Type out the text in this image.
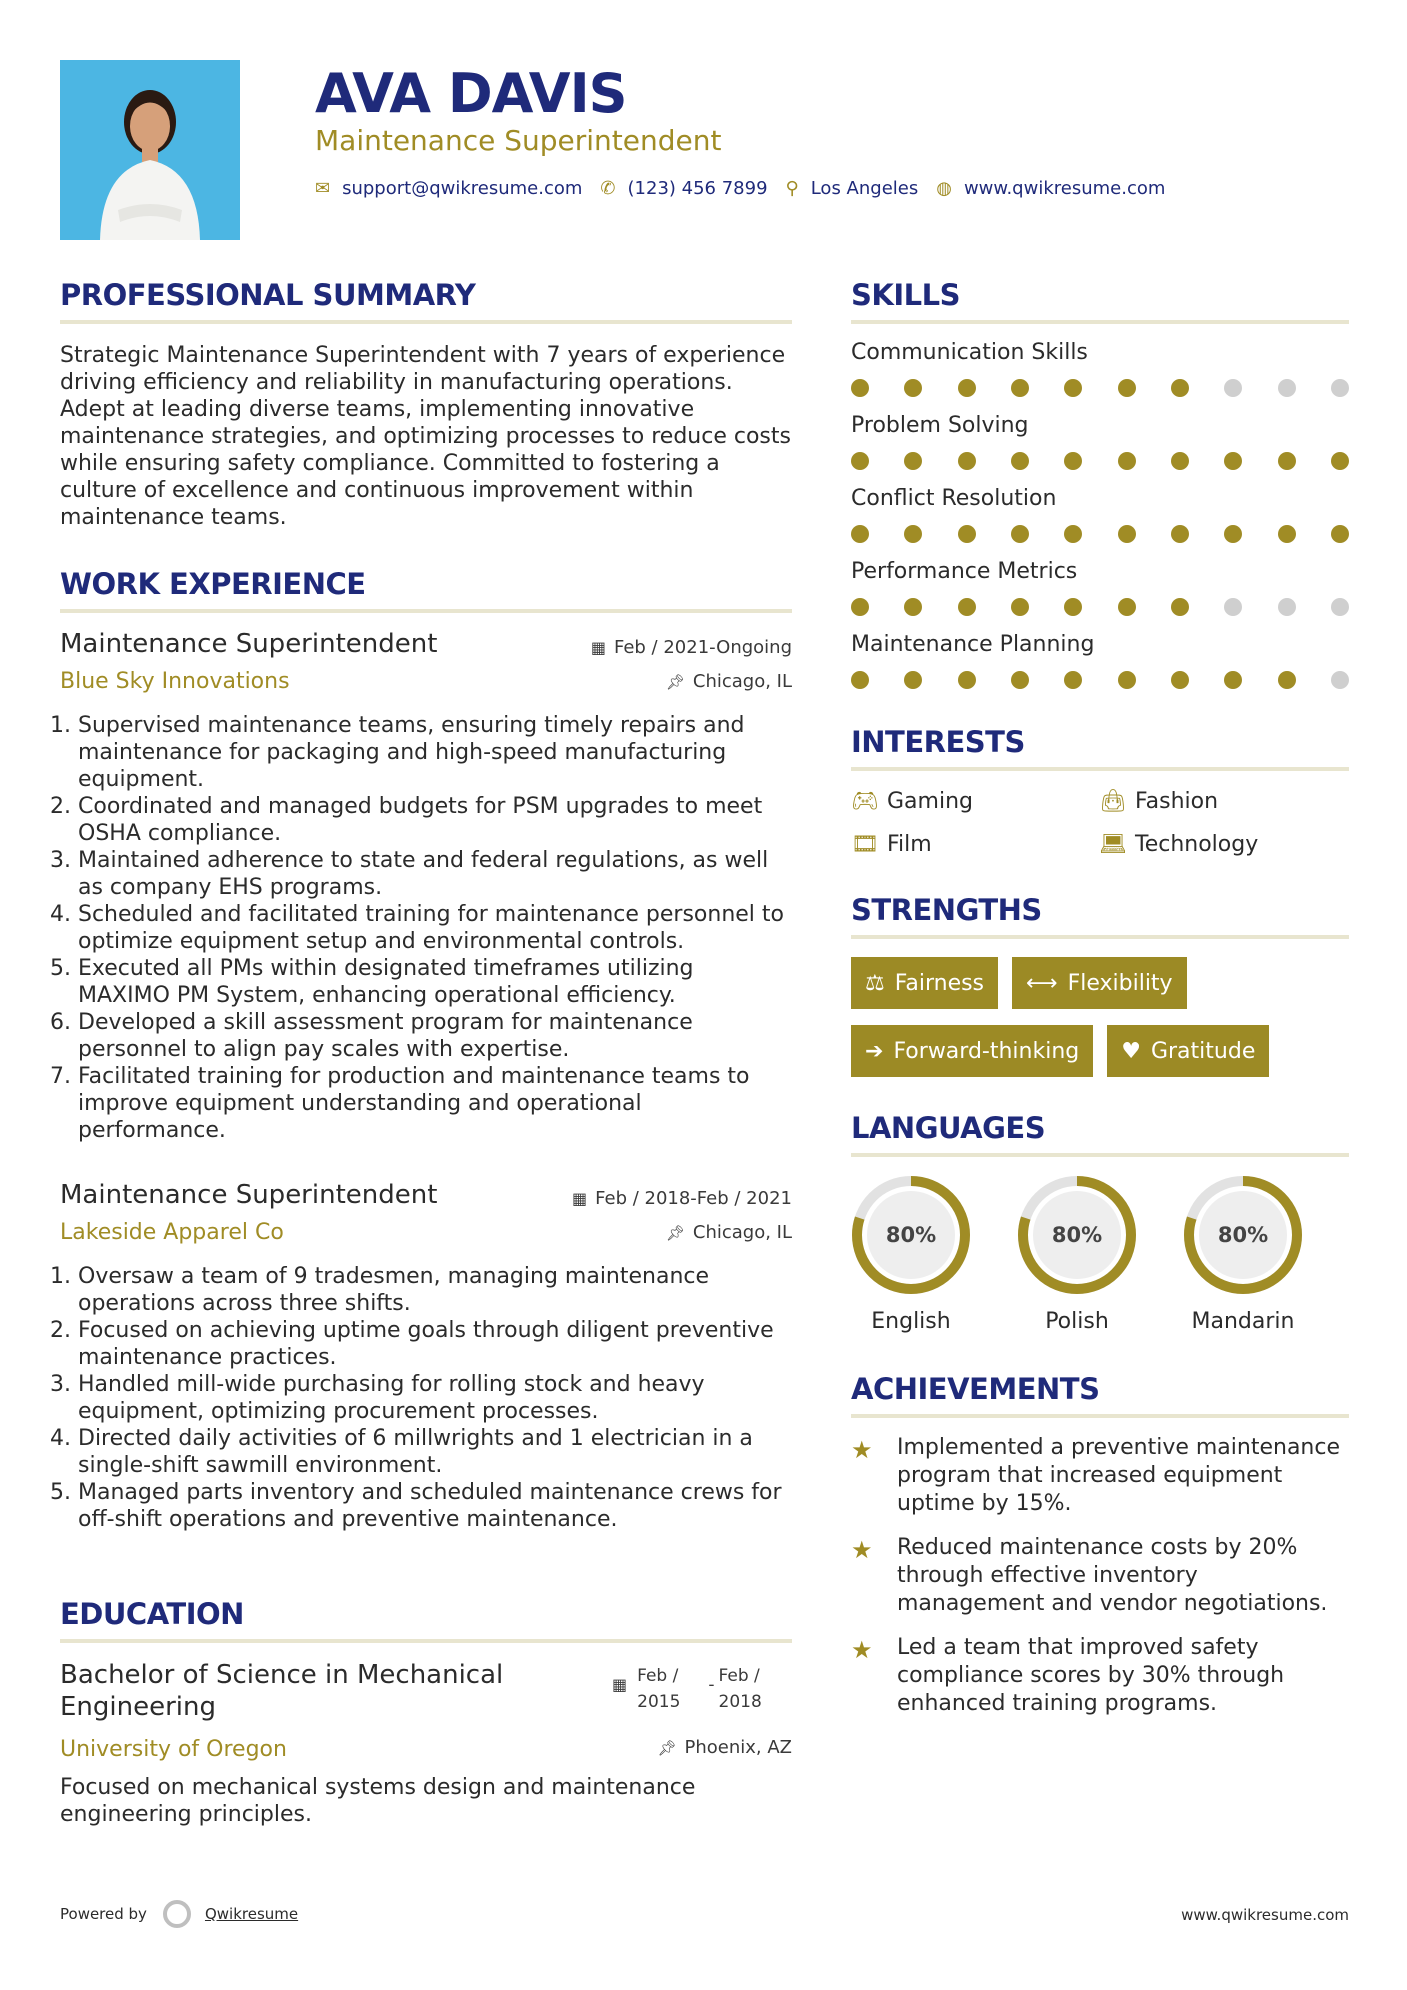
AVA DAVIS
Maintenance Superintendent
✉ support@qwikresume.com ✆ (123) 456 7899 ⚲ Los Angeles ◍ www.qwikresume.com
PROFESSIONAL SUMMARY
Strategic Maintenance Superintendent with 7 years of experience driving efficiency and reliability in manufacturing operations. Adept at leading diverse teams, implementing innovative maintenance strategies, and optimizing processes to reduce costs while ensuring safety compliance. Committed to fostering a culture of excellence and continuous improvement within maintenance teams.
WORK EXPERIENCE
Maintenance Superintendent	▦ Feb / 2021-Ongoing
Blue Sky Innovations	📌︎ Chicago, IL
1. Supervised maintenance teams, ensuring timely repairs and maintenance for packaging and high-speed manufacturing equipment.
2. Coordinated and managed budgets for PSM upgrades to meet OSHA compliance.
3. Maintained adherence to state and federal regulations, as well as company EHS programs.
4. Scheduled and facilitated training for maintenance personnel to optimize equipment setup and environmental controls.
5. Executed all PMs within designated timeframes utilizing MAXIMO PM System, enhancing operational efficiency.
6. Developed a skill assessment program for maintenance personnel to align pay scales with expertise.
7. Facilitated training for production and maintenance teams to improve equipment understanding and operational performance.
Maintenance Superintendent	▦ Feb / 2018-Feb / 2021
Lakeside Apparel Co	📌︎ Chicago, IL
1. Oversaw a team of 9 tradesmen, managing maintenance operations across three shifts.
2. Focused on achieving uptime goals through diligent preventive maintenance practices.
3. Handled mill-wide purchasing for rolling stock and heavy equipment, optimizing procurement processes.
4. Directed daily activities of 6 millwrights and 1 electrician in a single-shift sawmill environment.
5. Managed parts inventory and scheduled maintenance crews for off-shift operations and preventive maintenance.
EDUCATION
Bachelor of Science in Mechanical Engineering
▦ Feb /
2015
- Feb /
2018
University of Oregon	📌︎ Phoenix, AZ
Focused on mechanical systems design and maintenance engineering principles.
SKILLS
Communication Skills
Problem Solving
Conflict Resolution
Performance Metrics
Maintenance Planning
INTERESTS
🎮︎ Gaming	👜︎ Fashion
🎞︎ Film	💻︎ Technology
STRENGTHS
⚖ Fairness ⟷ Flexibility
➔ Forward-thinking ♥ Gratitude
LANGUAGES
80%
English
80%
Polish
80%
Mandarin
ACHIEVEMENTS
★	Implemented a preventive maintenance program that increased equipment uptime by 15%.
★	Reduced maintenance costs by 20% through effective inventory management and vendor negotiations.
★	Led a team that improved safety compliance scores by 30% through enhanced training programs.
Powered by	Qwikresume	www.qwikresume.com
